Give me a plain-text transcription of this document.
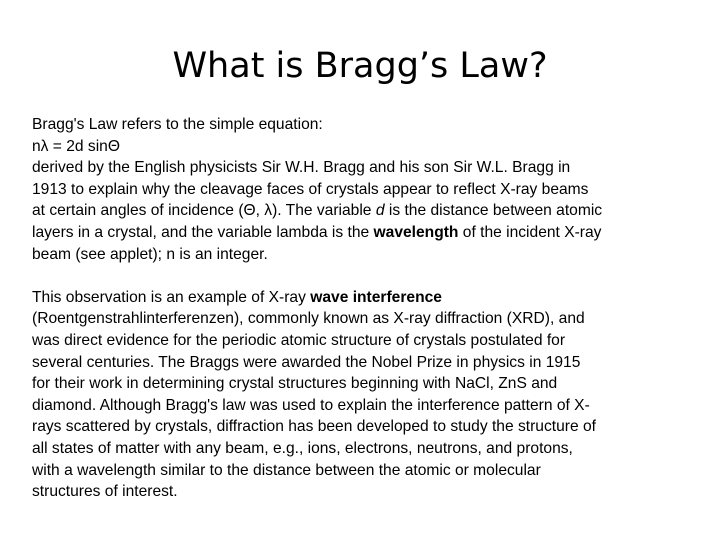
What is Bragg’s Law?

Bragg's Law refers to the simple equation:
nλ = 2d sinΘ
derived by the English physicists Sir W.H. Bragg and his son Sir W.L. Bragg in
1913 to explain why the cleavage faces of crystals appear to reflect X-ray beams
at certain angles of incidence (Θ, λ). The variable d is the distance between atomic
layers in a crystal, and the variable lambda is the wavelength of the incident X-ray
beam (see applet); n is an integer.

This observation is an example of X-ray wave interference
(Roentgenstrahlinterferenzen), commonly known as X-ray diffraction (XRD), and
was direct evidence for the periodic atomic structure of crystals postulated for
several centuries. The Braggs were awarded the Nobel Prize in physics in 1915
for their work in determining crystal structures beginning with NaCl, ZnS and
diamond. Although Bragg's law was used to explain the interference pattern of X-
rays scattered by crystals, diffraction has been developed to study the structure of
all states of matter with any beam, e.g., ions, electrons, neutrons, and protons,
with a wavelength similar to the distance between the atomic or molecular
structures of interest.
